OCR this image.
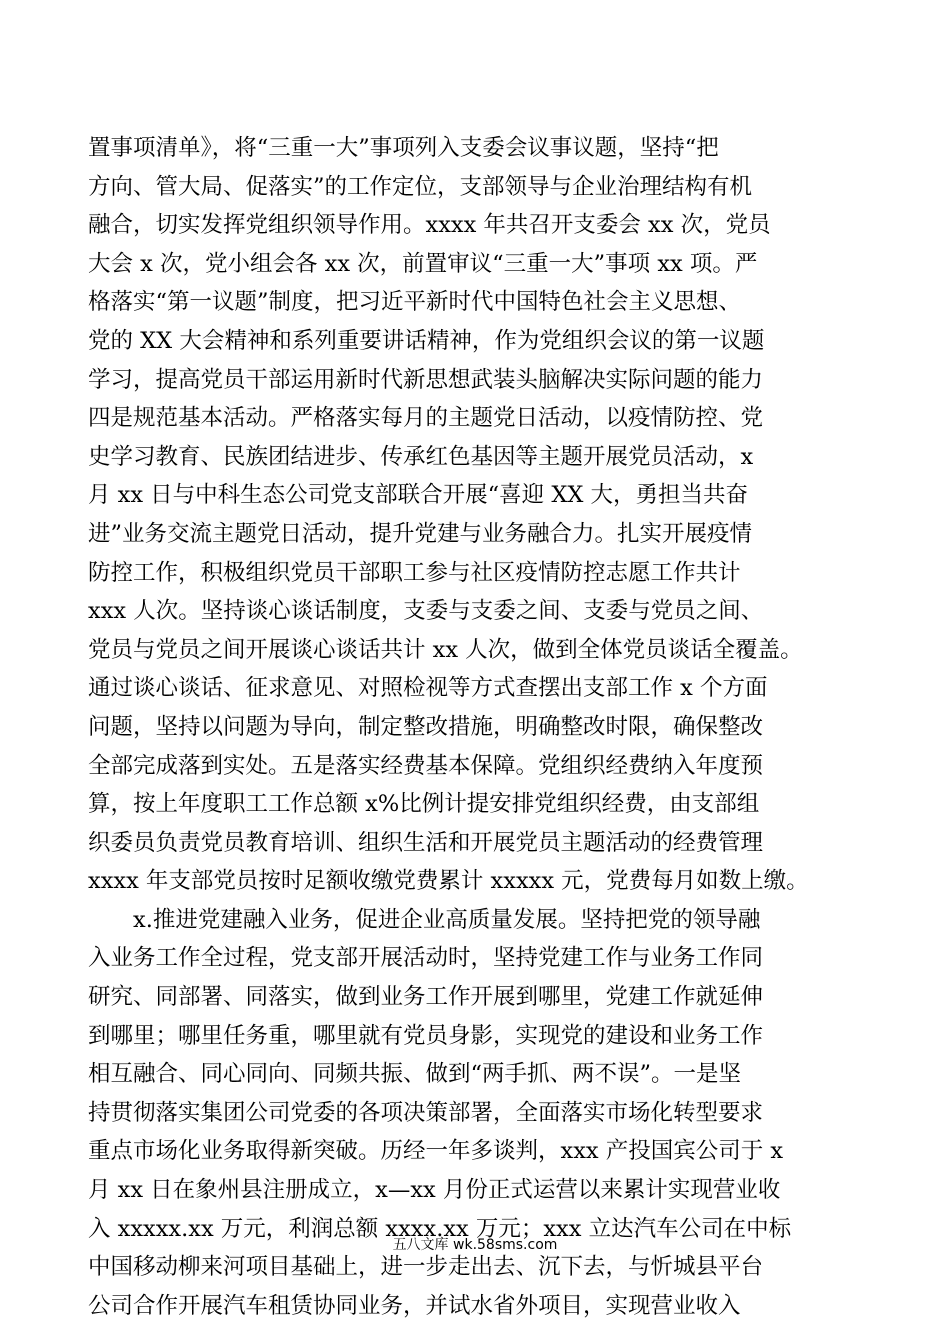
置事项清单》，将“三重一大”事项列入支委会议事议题，坚持“把
方向、管大局、促落实”的工作定位，支部领导与企业治理结构有机
融合，切实发挥党组织领导作用。xxxx 年共召开支委会 xx 次，党员
大会 x 次，党小组会各 xx 次，前置审议“三重一大”事项 xx 项。严
格落实“第一议题”制度，把习近平新时代中国特色社会主义思想、
党的 XX 大会精神和系列重要讲话精神，作为党组织会议的第一议题
学习，提高党员干部运用新时代新思想武装头脑解决实际问题的能力
四是规范基本活动。严格落实每月的主题党日活动，以疫情防控、党
史学习教育、民族团结进步、传承红色基因等主题开展党员活动，x
月 xx 日与中科生态公司党支部联合开展“喜迎 XX 大，勇担当共奋
进”业务交流主题党日活动，提升党建与业务融合力。扎实开展疫情
防控工作，积极组织党员干部职工参与社区疫情防控志愿工作共计
xxx 人次。坚持谈心谈话制度，支委与支委之间、支委与党员之间、
党员与党员之间开展谈心谈话共计 xx 人次，做到全体党员谈话全覆盖。
通过谈心谈话、征求意见、对照检视等方式查摆出支部工作 x 个方面
问题，坚持以问题为导向，制定整改措施，明确整改时限，确保整改
全部完成落到实处。五是落实经费基本保障。党组织经费纳入年度预
算，按上年度职工工作总额 x%比例计提安排党组织经费，由支部组
织委员负责党员教育培训、组织生活和开展党员主题活动的经费管理
xxxx 年支部党员按时足额收缴党费累计 xxxxx 元，党费每月如数上缴。
　　x.推进党建融入业务，促进企业高质量发展。坚持把党的领导融
入业务工作全过程，党支部开展活动时，坚持党建工作与业务工作同
研究、同部署、同落实，做到业务工作开展到哪里，党建工作就延伸
到哪里；哪里任务重，哪里就有党员身影，实现党的建设和业务工作
相互融合、同心同向、同频共振、做到“两手抓、两不误”。一是坚
持贯彻落实集团公司党委的各项决策部署，全面落实市场化转型要求
重点市场化业务取得新突破。历经一年多谈判，xxx 产投国宾公司于 x
月 xx 日在象州县注册成立，x—xx 月份正式运营以来累计实现营业收
入 xxxxx.xx 万元，利润总额 xxxx.xx 万元；xxx 立达汽车公司在中标
中国移动柳来河项目基础上，进一步走出去、沉下去，与忻城县平台
公司合作开展汽车租赁协同业务，并试水省外项目，实现营业收入
五八文库 wk.58sms.com
